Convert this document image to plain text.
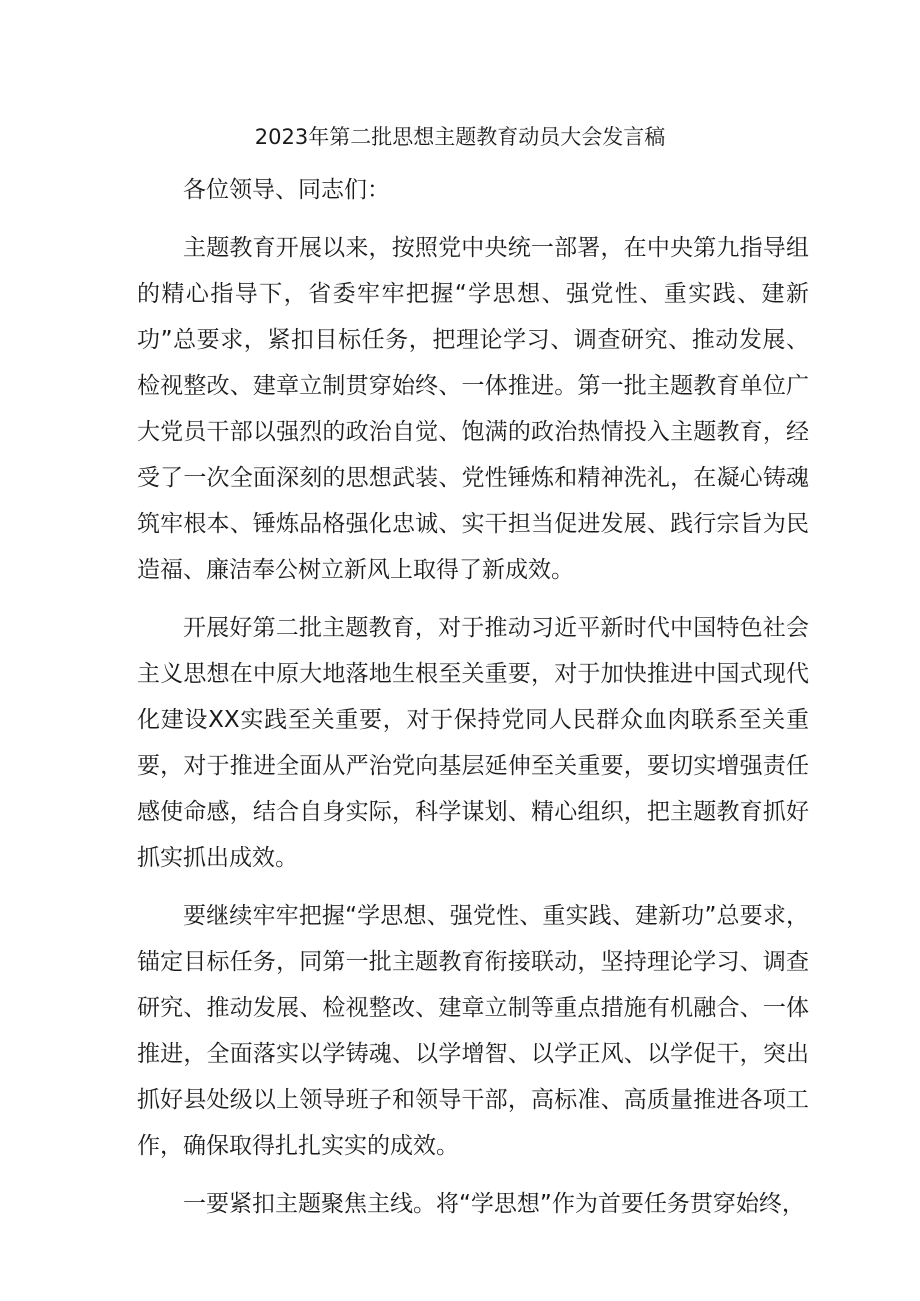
2023年第二批思想主题教育动员大会发言稿

各位领导、同志们：

主题教育开展以来，按照党中央统一部署，在中央第九指导组的精心指导下，省委牢牢把握“学思想、强党性、重实践、建新功”总要求，紧扣目标任务，把理论学习、调查研究、推动发展、检视整改、建章立制贯穿始终、一体推进。第一批主题教育单位广大党员干部以强烈的政治自觉、饱满的政治热情投入主题教育，经受了一次全面深刻的思想武装、党性锤炼和精神洗礼，在凝心铸魂筑牢根本、锤炼品格强化忠诚、实干担当促进发展、践行宗旨为民造福、廉洁奉公树立新风上取得了新成效。

开展好第二批主题教育，对于推动习近平新时代中国特色社会主义思想在中原大地落地生根至关重要，对于加快推进中国式现代化建设XX实践至关重要，对于保持党同人民群众血肉联系至关重要，对于推进全面从严治党向基层延伸至关重要，要切实增强责任感使命感，结合自身实际，科学谋划、精心组织，把主题教育抓好抓实抓出成效。

要继续牢牢把握“学思想、强党性、重实践、建新功”总要求，锚定目标任务，同第一批主题教育衔接联动，坚持理论学习、调查研究、推动发展、检视整改、建章立制等重点措施有机融合、一体推进，全面落实以学铸魂、以学增智、以学正风、以学促干，突出抓好县处级以上领导班子和领导干部，高标准、高质量推进各项工作，确保取得扎扎实实的成效。

一要紧扣主题聚焦主线。将“学思想”作为首要任务贯穿始终，
